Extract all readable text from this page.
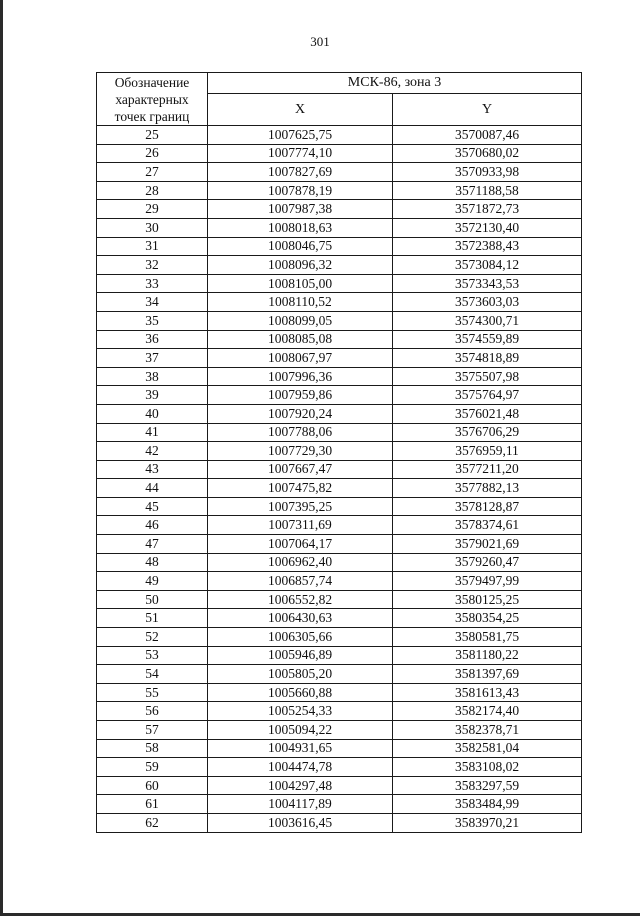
301
Обозначение
характерных
точек границ	МСК-86, зона 3	
	X	Y
25	1007625,75	3570087,46
26	1007774,10	3570680,02
27	1007827,69	3570933,98
28	1007878,19	3571188,58
29	1007987,38	3571872,73
30	1008018,63	3572130,40
31	1008046,75	3572388,43
32	1008096,32	3573084,12
33	1008105,00	3573343,53
34	1008110,52	3573603,03
35	1008099,05	3574300,71
36	1008085,08	3574559,89
37	1008067,97	3574818,89
38	1007996,36	3575507,98
39	1007959,86	3575764,97
40	1007920,24	3576021,48
41	1007788,06	3576706,29
42	1007729,30	3576959,11
43	1007667,47	3577211,20
44	1007475,82	3577882,13
45	1007395,25	3578128,87
46	1007311,69	3578374,61
47	1007064,17	3579021,69
48	1006962,40	3579260,47
49	1006857,74	3579497,99
50	1006552,82	3580125,25
51	1006430,63	3580354,25
52	1006305,66	3580581,75
53	1005946,89	3581180,22
54	1005805,20	3581397,69
55	1005660,88	3581613,43
56	1005254,33	3582174,40
57	1005094,22	3582378,71
58	1004931,65	3582581,04
59	1004474,78	3583108,02
60	1004297,48	3583297,59
61	1004117,89	3583484,99
62	1003616,45	3583970,21
